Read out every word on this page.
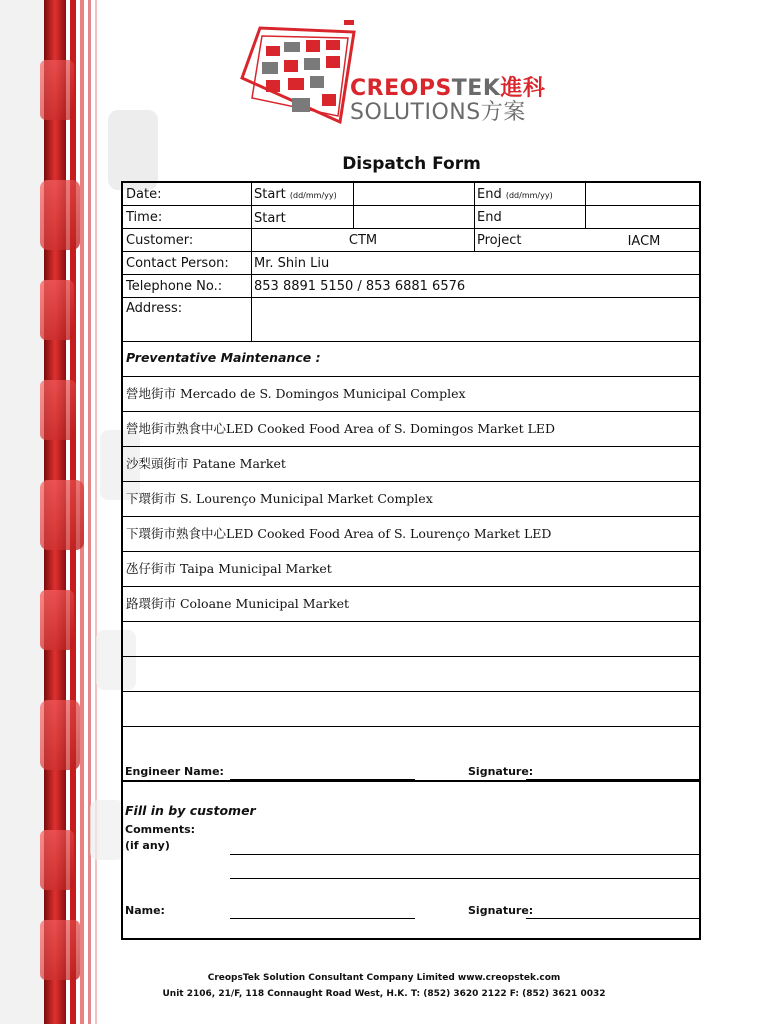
CREOPSTEK進科
SOLUTIONS方案
Dispatch Form
Date:	Start (dd/mm/yy)	End (dd/mm/yy)
Time:	Start	End
Customer:	CTM	Project	IACM
Contact Person: Mr. Shin Liu
Telephone No.: 853 8891 5150 / 853 6881 6576
Address:
Preventative Maintenance :
營地街市 Mercado de S. Domingos Municipal Complex
營地街市熟食中心LED Cooked Food Area of S. Domingos Market LED
沙梨頭街市 Patane Market
下環街市 S. Lourenço Municipal Market Complex
下環街市熟食中心LED Cooked Food Area of S. Lourenço Market LED
氹仔街市 Taipa Municipal Market
路環街市 Coloane Municipal Market
Engineer Name:	Signature:
Fill in by customer
Comments:
(if any)
Name:	Signature:
CreopsTek Solution Consultant Company Limited www.creopstek.com
Unit 2106, 21/F, 118 Connaught Road West, H.K. T: (852) 3620 2122 F: (852) 3621 0032
